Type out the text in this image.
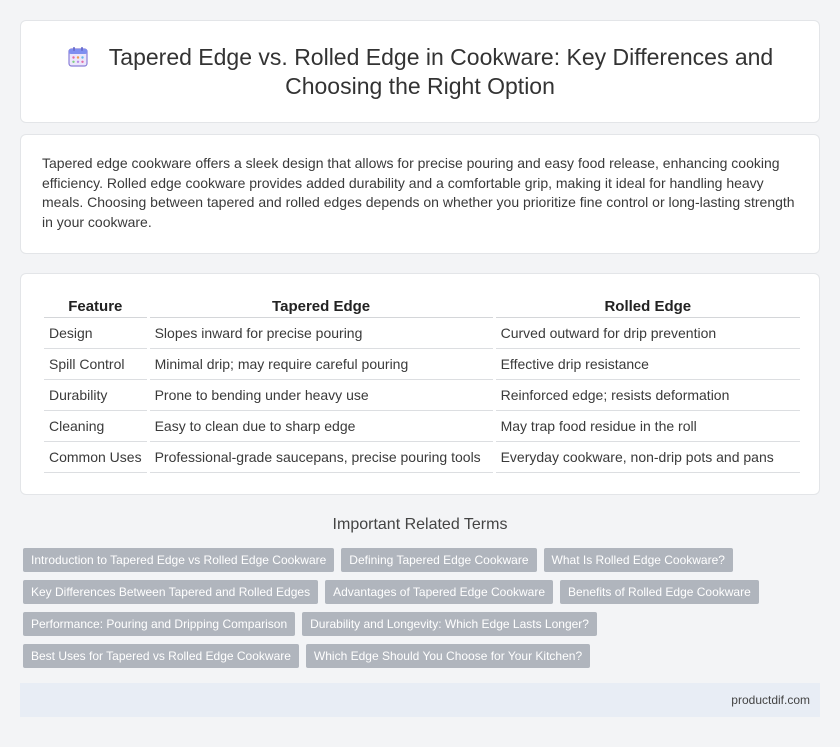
Tapered Edge vs. Rolled Edge in Cookware: Key Differences and Choosing the Right Option

Tapered edge cookware offers a sleek design that allows for precise pouring and easy food release, enhancing cooking efficiency. Rolled edge cookware provides added durability and a comfortable grip, making it ideal for handling heavy meals. Choosing between tapered and rolled edges depends on whether you prioritize fine control or long-lasting strength in your cookware.

Feature	Tapered Edge	Rolled Edge
Design	Slopes inward for precise pouring	Curved outward for drip prevention
Spill Control	Minimal drip; may require careful pouring	Effective drip resistance
Durability	Prone to bending under heavy use	Reinforced edge; resists deformation
Cleaning	Easy to clean due to sharp edge	May trap food residue in the roll
Common Uses	Professional-grade saucepans, precise pouring tools	Everyday cookware, non-drip pots and pans
Important Related Terms
Introduction to Tapered Edge vs Rolled Edge Cookware	Defining Tapered Edge Cookware	What Is Rolled Edge Cookware?
Key Differences Between Tapered and Rolled Edges	Advantages of Tapered Edge Cookware	Benefits of Rolled Edge Cookware
Performance: Pouring and Dripping Comparison	Durability and Longevity: Which Edge Lasts Longer?
Best Uses for Tapered vs Rolled Edge Cookware	Which Edge Should You Choose for Your Kitchen?
productdif.com
